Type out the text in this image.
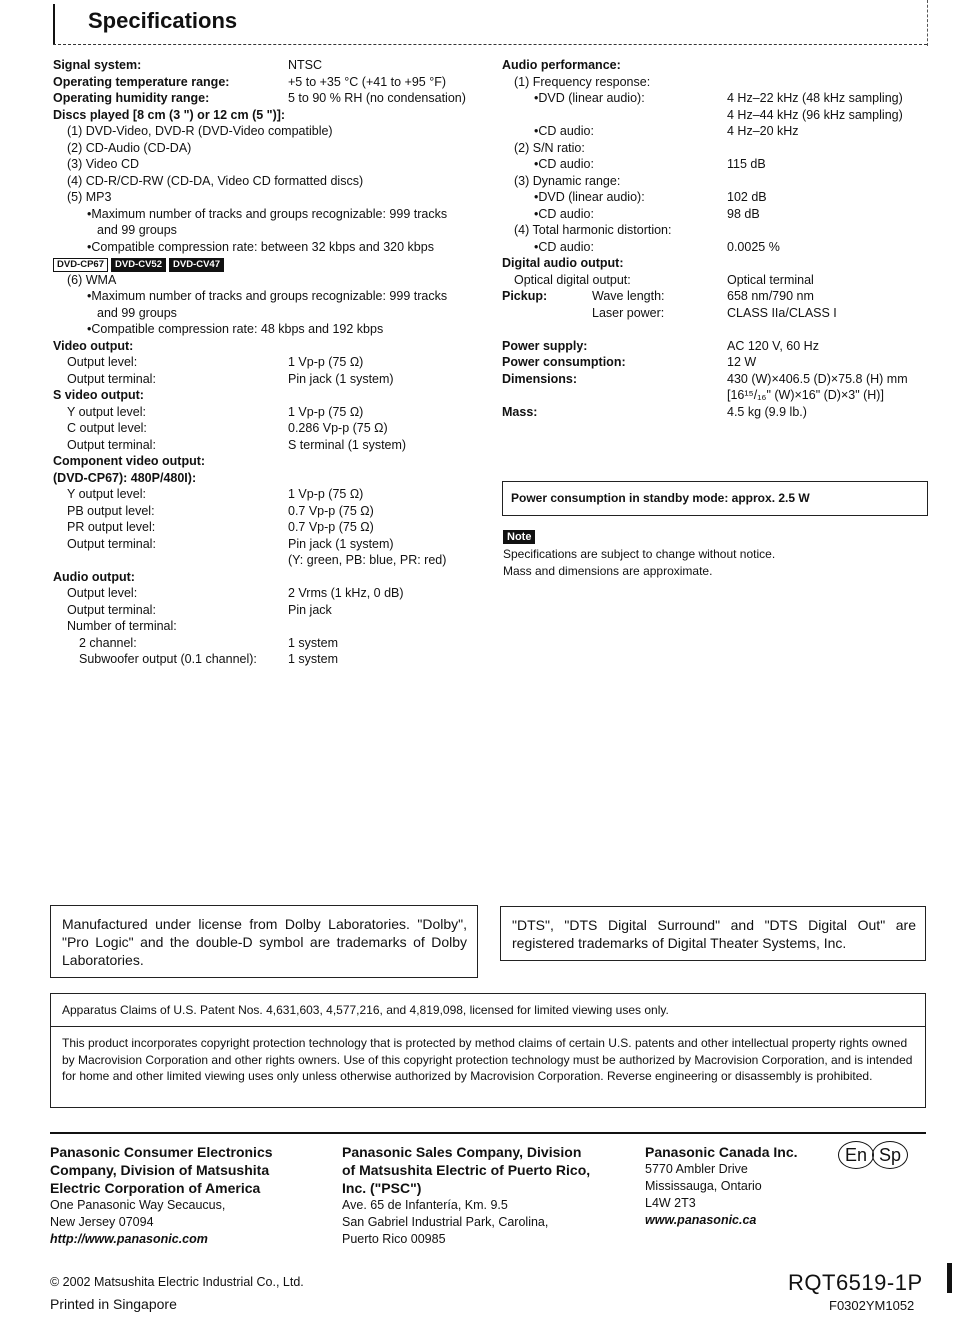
Specifications
Signal system:	NTSC
Operating temperature range:	+5 to +35 °C (+41 to +95 °F)
Operating humidity range:	5 to 90 % RH (no condensation)
Discs played [8 cm (3 ") or 12 cm (5 ")]:
(1) DVD-Video, DVD-R (DVD-Video compatible)
(2) CD-Audio (CD-DA)
(3) Video CD
(4) CD-R/CD-RW (CD-DA, Video CD formatted discs)
(5) MP3
•Maximum number of tracks and groups recognizable: 999 tracks
and 99 groups
•Compatible compression rate: between 32 kbps and 320 kbps
DVD-CP67 DVD-CV52 DVD-CV47
(6) WMA
•Maximum number of tracks and groups recognizable: 999 tracks
and 99 groups
•Compatible compression rate: 48 kbps and 192 kbps
Video output:
Output level:	1 Vp-p (75 Ω)
Output terminal:	Pin jack (1 system)
S video output:
Y output level:	1 Vp-p (75 Ω)
C output level:	0.286 Vp-p (75 Ω)
Output terminal:	S terminal (1 system)
Component video output:
(DVD-CP67): 480P/480I):
Y output level:	1 Vp-p (75 Ω)
PB output level:	0.7 Vp-p (75 Ω)
PR output level:	0.7 Vp-p (75 Ω)
Output terminal:	Pin jack (1 system)
(Y: green, PB: blue, PR: red)
Audio output:
Output level:	2 Vrms (1 kHz, 0 dB)
Output terminal:	Pin jack
Number of terminal:
2 channel:	1 system
Subwoofer output (0.1 channel): 1 system
Audio performance:
(1) Frequency response:
•DVD (linear audio):	4 Hz–22 kHz (48 kHz sampling)
4 Hz–44 kHz (96 kHz sampling)
•CD audio:	4 Hz–20 kHz
(2) S/N ratio:
•CD audio:	115 dB
(3) Dynamic range:
•DVD (linear audio):	102 dB
•CD audio:	98 dB
(4) Total harmonic distortion:
•CD audio:	0.0025 %
Digital audio output:
Optical digital output:	Optical terminal
Pickup:	Wave length:	658 nm/790 nm
Laser power:	CLASS IIa/CLASS I
Power supply:	AC 120 V, 60 Hz
Power consumption:	12 W
Dimensions:	430 (W)×406.5 (D)×75.8 (H) mm
[16¹⁵/₁₆" (W)×16" (D)×3" (H)]
Mass:	4.5 kg (9.9 lb.)
Power consumption in standby mode: approx. 2.5 W
Note
Specifications are subject to change without notice.
Mass and dimensions are approximate.
Manufactured under license from Dolby Laboratories. "Dolby", "Pro Logic" and the double-D symbol are trademarks of Dolby Laboratories.
"DTS", "DTS Digital Surround" and "DTS Digital Out" are registered trademarks of Digital Theater Systems, Inc.
Apparatus Claims of U.S. Patent Nos. 4,631,603, 4,577,216, and 4,819,098, licensed for limited viewing uses only.
This product incorporates copyright protection technology that is protected by method claims of certain U.S. patents and other intellectual property rights owned by Macrovision Corporation and other rights owners. Use of this copyright protection technology must be authorized by Macrovision Corporation, and is intended for home and other limited viewing uses only unless otherwise authorized by Macrovision Corporation. Reverse engineering or disassembly is prohibited.
Panasonic Consumer Electronics Company, Division of Matsushita Electric Corporation of America
One Panasonic Way Secaucus,
New Jersey 07094
http://www.panasonic.com
Panasonic Sales Company, Division of Matsushita Electric of Puerto Rico, Inc. ("PSC")
Ave. 65 de Infantería, Km. 9.5
San Gabriel Industrial Park, Carolina,
Puerto Rico 00985
Panasonic Canada Inc.
5770 Ambler Drive
Mississauga, Ontario
L4W 2T3
www.panasonic.ca
En Sp
© 2002 Matsushita Electric Industrial Co., Ltd.
Printed in Singapore
RQT6519-1P
F0302YM1052
